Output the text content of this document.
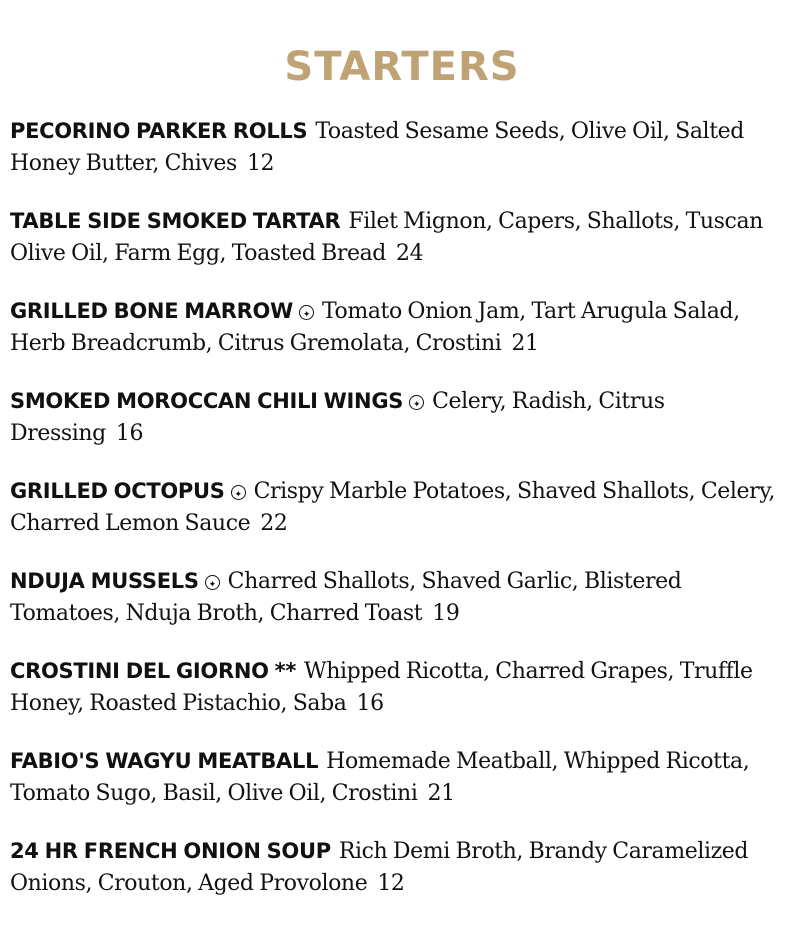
STARTERS
PECORINO PARKER ROLLS Toasted Sesame Seeds, Olive Oil, Salted Honey Butter, Chives 12
TABLE SIDE SMOKED TARTAR Filet Mignon, Capers, Shallots, Tuscan Olive Oil, Farm Egg, Toasted Bread 24
GRILLED BONE MARROW ✦ Tomato Onion Jam, Tart Arugula Salad, Herb Breadcrumb, Citrus Gremolata, Crostini 21
SMOKED MOROCCAN CHILI WINGS ✦ Celery, Radish, Citrus Dressing 16
GRILLED OCTOPUS ✦ Crispy Marble Potatoes, Shaved Shallots, Celery, Charred Lemon Sauce 22
NDUJA MUSSELS ✦ Charred Shallots, Shaved Garlic, Blistered Tomatoes, Nduja Broth, Charred Toast 19
CROSTINI DEL GIORNO ** Whipped Ricotta, Charred Grapes, Truffle Honey, Roasted Pistachio, Saba 16
FABIO'S WAGYU MEATBALL Homemade Meatball, Whipped Ricotta, Tomato Sugo, Basil, Olive Oil, Crostini 21
24 HR FRENCH ONION SOUP Rich Demi Broth, Brandy Caramelized Onions, Crouton, Aged Provolone 12
